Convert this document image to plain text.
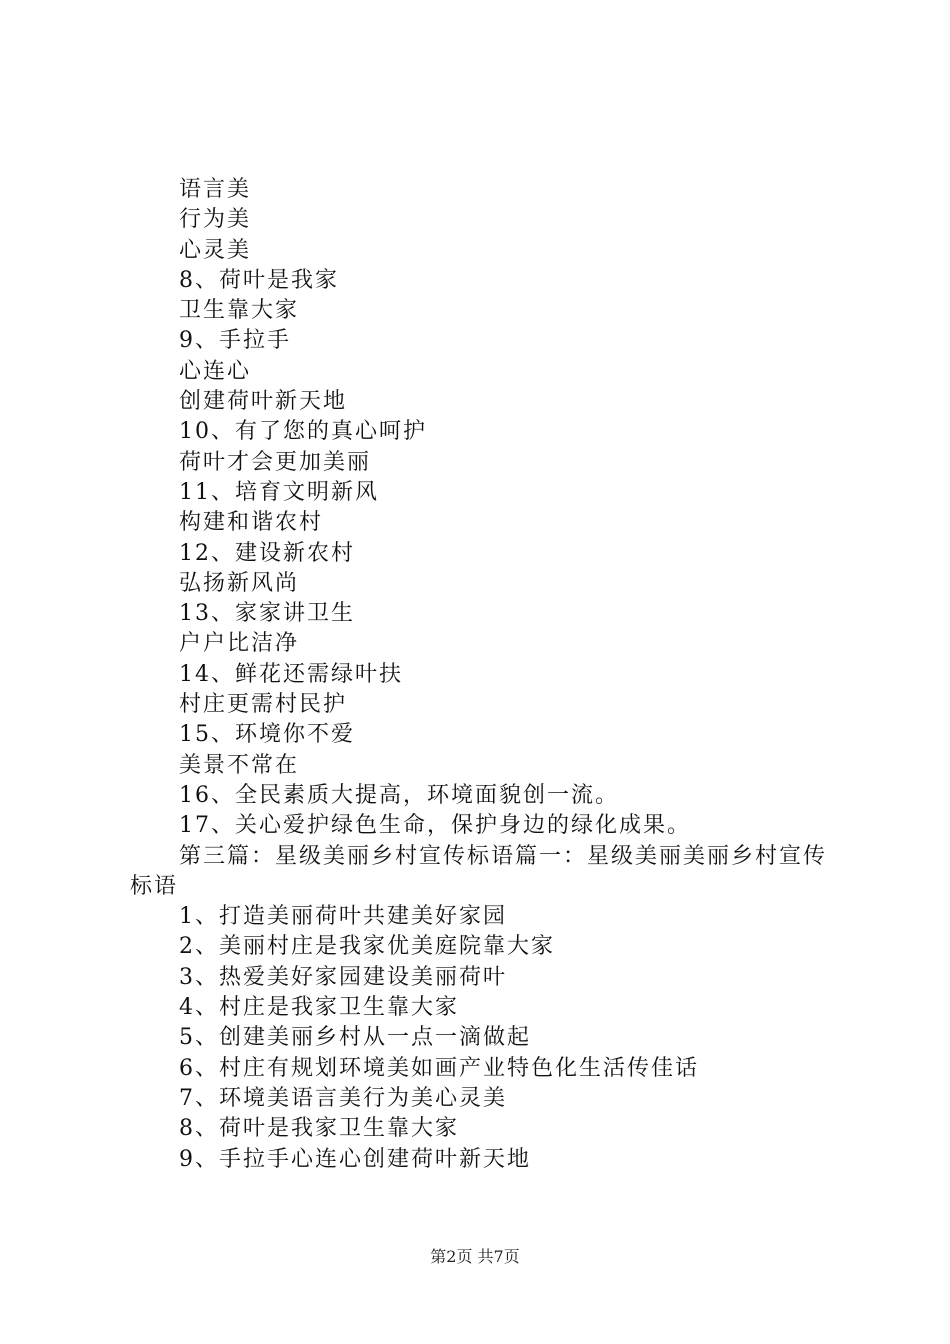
语言美
行为美
心灵美
8、荷叶是我家
卫生靠大家
9、手拉手
心连心
创建荷叶新天地
10、有了您的真心呵护
荷叶才会更加美丽
11、培育文明新风
构建和谐农村
12、建设新农村
弘扬新风尚
13、家家讲卫生
户户比洁净
14、鲜花还需绿叶扶
村庄更需村民护
15、环境你不爱
美景不常在
16、全民素质大提高，环境面貌创一流。
17、关心爱护绿色生命，保护身边的绿化成果。
第三篇：星级美丽乡村宣传标语篇一：星级美丽美丽乡村宣传标语
1、打造美丽荷叶共建美好家园
2、美丽村庄是我家优美庭院靠大家
3、热爱美好家园建设美丽荷叶
4、村庄是我家卫生靠大家
5、创建美丽乡村从一点一滴做起
6、村庄有规划环境美如画产业特色化生活传佳话
7、环境美语言美行为美心灵美
8、荷叶是我家卫生靠大家
9、手拉手心连心创建荷叶新天地
第2页 共7页
